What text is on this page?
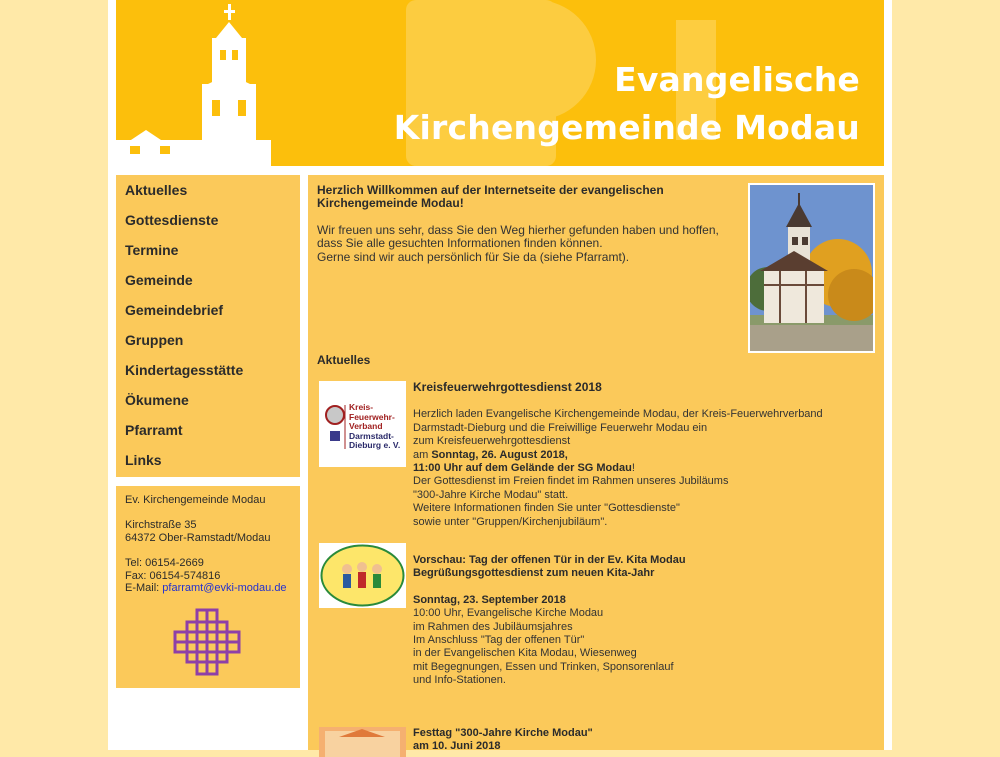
Evangelische
Kirchengemeinde Modau
Aktuelles
Gottesdienste
Termine
Gemeinde
Gemeindebrief
Gruppen
Kindertagesstätte
Ökumene
Pfarramt
Links

Ev. Kirchengemeinde Modau

Kirchstraße 35

64372 Ober-Ramstadt/Modau

Tel: 06154-2669
Fax: 06154-574816
E-Mail: pfarramt@evki-modau.de
Herzlich Willkommen auf der Internetseite der evangelischen Kirchengemeinde Modau!
Wir freuen uns sehr, dass Sie den Weg hierher gefunden haben und hoffen, dass Sie alle gesuchten Informationen finden können.
Gerne sind wir auch persönlich für Sie da (siehe Pfarramt).
Aktuelles
Kreis-
Feuerwehr-
Verband
Darmstadt-
Dieburg e. V.
Kreisfeuerwehrgottesdienst 2018
Herzlich laden Evangelische Kirchengemeinde Modau, der Kreis-Feuerwehrverband
Darmstadt-Dieburg und die Freiwillige Feuerwehr Modau ein
zum Kreisfeuerwehrgottesdienst
am Sonntag, 26. August 2018,
11:00 Uhr auf dem Gelände der SG Modau!
Der Gottesdienst im Freien findet im Rahmen unseres Jubiläums
"300-Jahre Kirche Modau" statt.
Weitere Informationen finden Sie unter "Gottesdienste"
sowie unter "Gruppen/Kirchenjubiläum".
Vorschau: Tag der offenen Tür in der Ev. Kita Modau
Begrüßungsgottesdienst zum neuen Kita-Jahr
Sonntag, 23. September 2018
10:00 Uhr, Evangelische Kirche Modau
im Rahmen des Jubiläumsjahres
Im Anschluss "Tag der offenen Tür"
in der Evangelischen Kita Modau, Wiesenweg
mit Begegnungen, Essen und Trinken, Sponsorenlauf
und Info-Stationen.
Festtag "300-Jahre Kirche Modau"
am 10. Juni 2018
